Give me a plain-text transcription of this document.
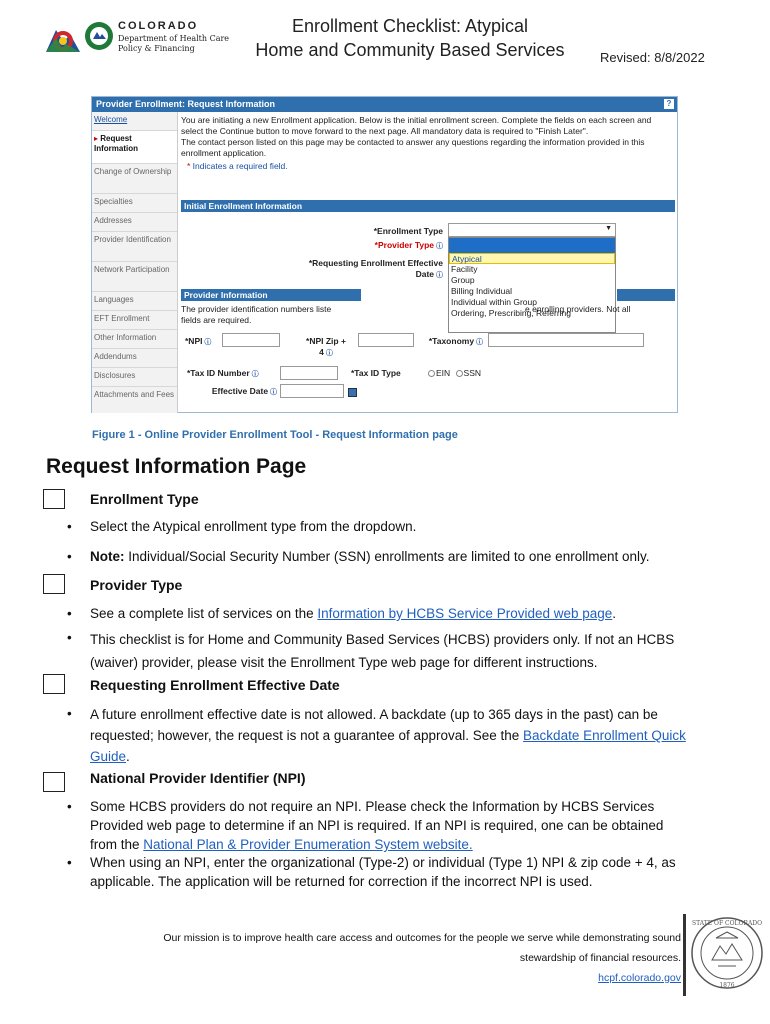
COLORADO
Department of Health Care
Policy & Financing
Enrollment Checklist: Atypical
Home and Community Based Services	Revised: 8/8/2022
Provider Enrollment: Request Information	?
Welcome
▸ Request Information
Change of Ownership
Specialties
Addresses
Provider Identification
Network Participation
Languages
EFT Enrollment
Other Information
Addendums
Disclosures
Attachments and Fees
You are initiating a new Enrollment application. Below is the initial enrollment screen. Complete the fields on each screen and select the Continue button to move forward to the next page. All mandatory data is required to "Finish Later".
The contact person listed on this page may be contacted to answer any questions regarding the information provided in this enrollment application.
* Indicates a required field.
Initial Enrollment Information
*Enrollment Type	▼
*Provider Type ⓘ
*Requesting Enrollment Effective
Date ⓘ
Atypical
Facility
Group
Billing Individual
Individual within Group
Ordering, Prescribing, Referring
Provider Information
The provider identification numbers liste	e enrolling providers. Not all
fields are required.
*NPI ⓘ	*NPI Zip +
4 ⓘ
*Taxonomy ⓘ
*Tax ID Number ⓘ	*Tax ID Type	EIN SSN
Effective Date ⓘ
Figure 1 - Online Provider Enrollment Tool - Request Information page
Request Information Page
Enrollment Type
• Select the Atypical enrollment type from the dropdown.
• Note: Individual/Social Security Number (SSN) enrollments are limited to one enrollment only.
Provider Type
• See a complete list of services on the Information by HCBS Service Provided web page.
• This checklist is for Home and Community Based Services (HCBS) providers only. If not an HCBS (waiver) provider, please visit the Enrollment Type web page for different instructions.
Requesting Enrollment Effective Date
• A future enrollment effective date is not allowed. A backdate (up to 365 days in the past) can be requested; however, the request is not a guarantee of approval. See the Backdate Enrollment Quick Guide.
National Provider Identifier (NPI)
• Some HCBS providers do not require an NPI. Please check the Information by HCBS Services Provided web page to determine if an NPI is required. If an NPI is required, one can be obtained from the National Plan & Provider Enumeration System website.
• When using an NPI, enter the organizational (Type-2) or individual (Type 1) NPI & zip code + 4, as applicable. The application will be returned for correction if the incorrect NPI is used.
Our mission is to improve health care access and outcomes for the people we serve while demonstrating sound
stewardship of financial resources.
hcpf.colorado.gov
STATE OF COLORADO
1876
